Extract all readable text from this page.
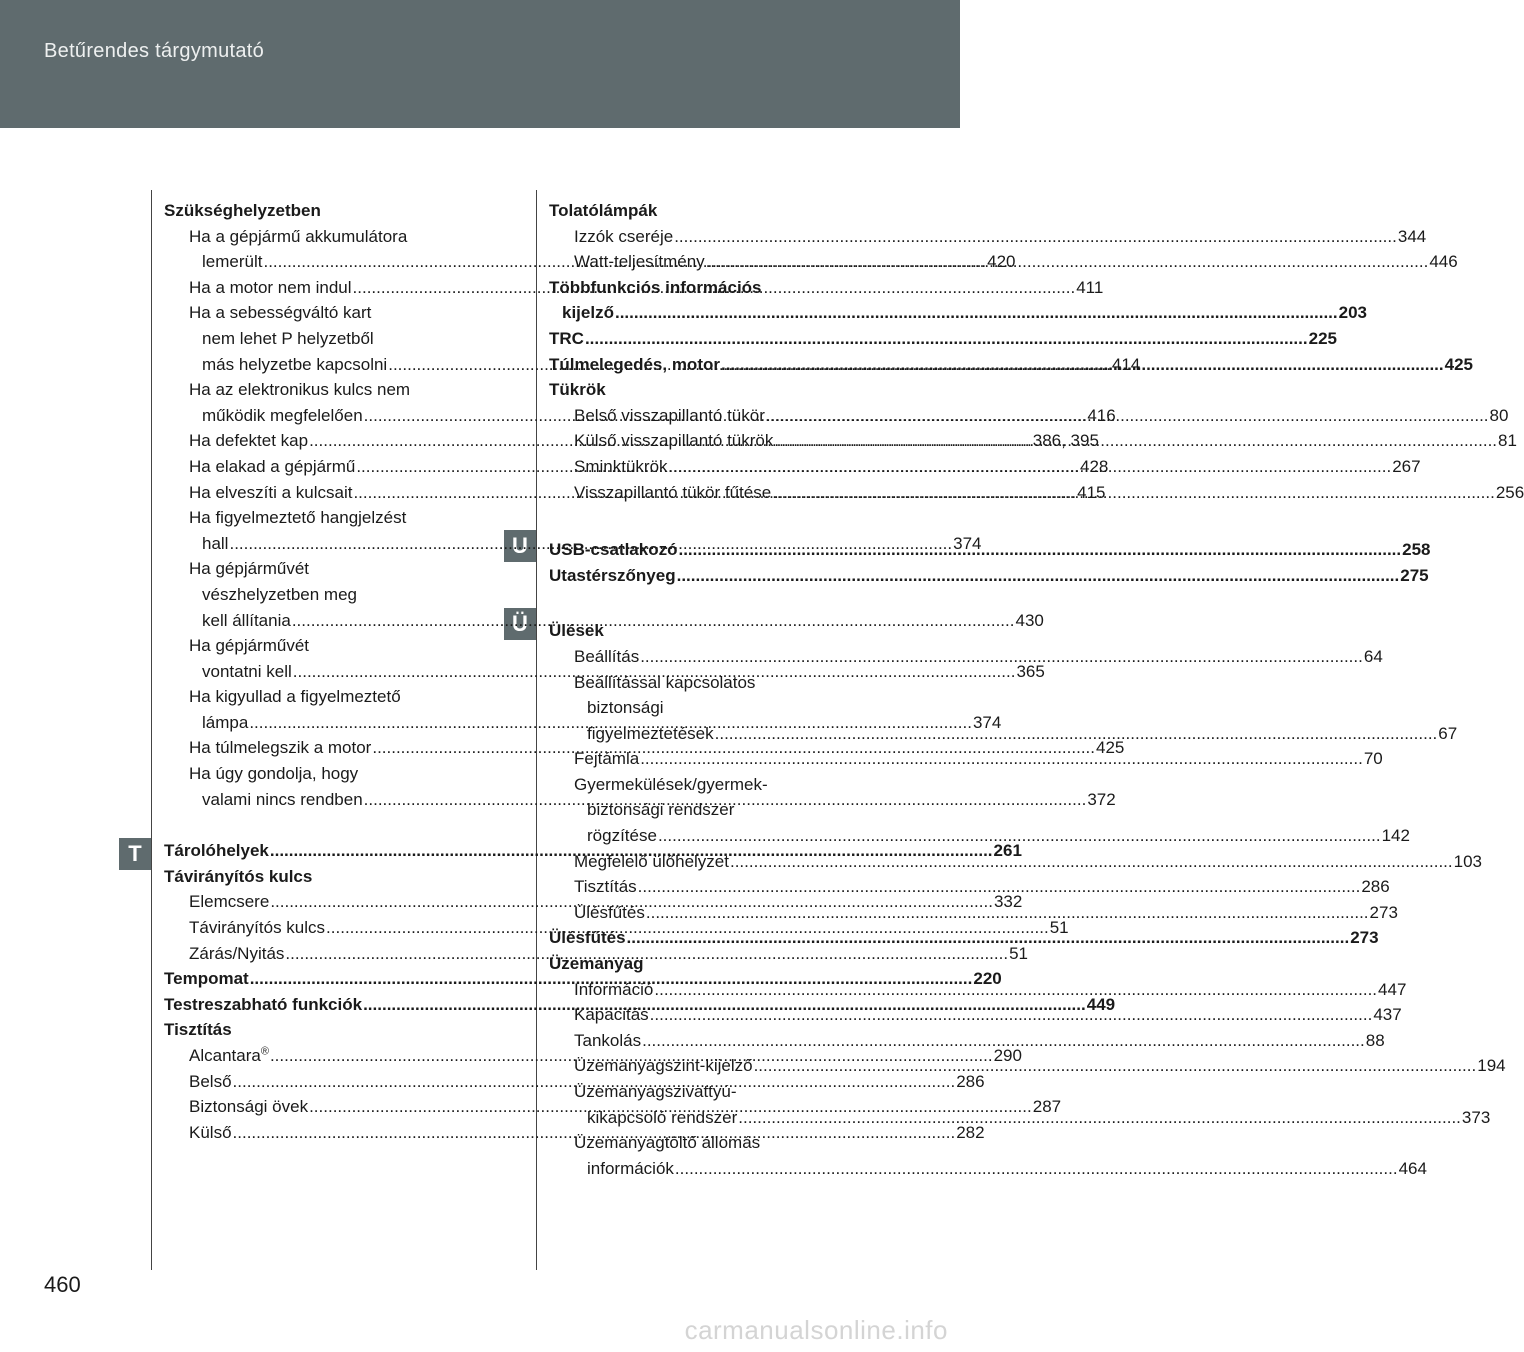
Betűrendes tárgymutató
T
U
Ü
Szükséghelyzetben
Ha a gépjármű akkumulátora
lemerült .....	420
Ha a motor nem indul .....	411
Ha a sebességváltó kart
nem lehet P helyzetből
más helyzetbe kapcsolni .....	414
Ha az elektronikus kulcs nem
működik megfelelően .....	416
Ha defektet kap .....	386, 395
Ha elakad a gépjármű .....	428
Ha elveszíti a kulcsait .....	415
Ha figyelmeztető hangjelzést
hall .....	374
Ha gépjárművét
vészhelyzetben meg
kell állítania .....	430
Ha gépjárművét
vontatni kell .....	365
Ha kigyullad a figyelmeztető
lámpa .....	374
Ha túlmelegszik a motor .....	425
Ha úgy gondolja, hogy
valami nincs rendben .....	372
Tárolóhelyek .....	261
Távirányítós kulcs
Elemcsere .....	332
Távirányítós kulcs .....	51
Zárás/Nyitás .....	51
Tempomat .....	220
Testreszabható funkciók .....	449
Tisztítás
Alcantara® .....	290
Belső .....	286
Biztonsági övek .....	287
Külső .....	282
Tolatólámpák
Izzók cseréje .....	344
Watt-teljesítmény .....	446
Többfunkciós információs
kijelző .....	203
TRC .....	225
Túlmelegedés, motor .....	425
Tükrök
Belső visszapillantó tükör .....	80
Külső visszapillantó tükrök .....	81
Sminktükrök .....	267
Visszapillantó tükör fűtése .....	256
USB-csatlakozó .....	258
Utastérszőnyeg .....	275
Ülések
Beállítás .....	64
Beállítással kapcsolatos
biztonsági
figyelmeztetések .....	67
Fejtámla .....	70
Gyermekülések/gyermek-
biztonsági rendszer
rögzítése .....	142
Megfelelő ülőhelyzet .....	103
Tisztítás .....	286
Ülésfűtés .....	273
Ülésfűtés .....	273
Üzemanyag
Információ .....	447
Kapacitás .....	437
Tankolás .....	88
Üzemanyagszint-kijelző .....	194
Üzemanyagszivattyú-
kikapcsoló rendszer .....	373
Üzemanyagtöltő állomás
információk .....	464
460
carmanualsonline.info
